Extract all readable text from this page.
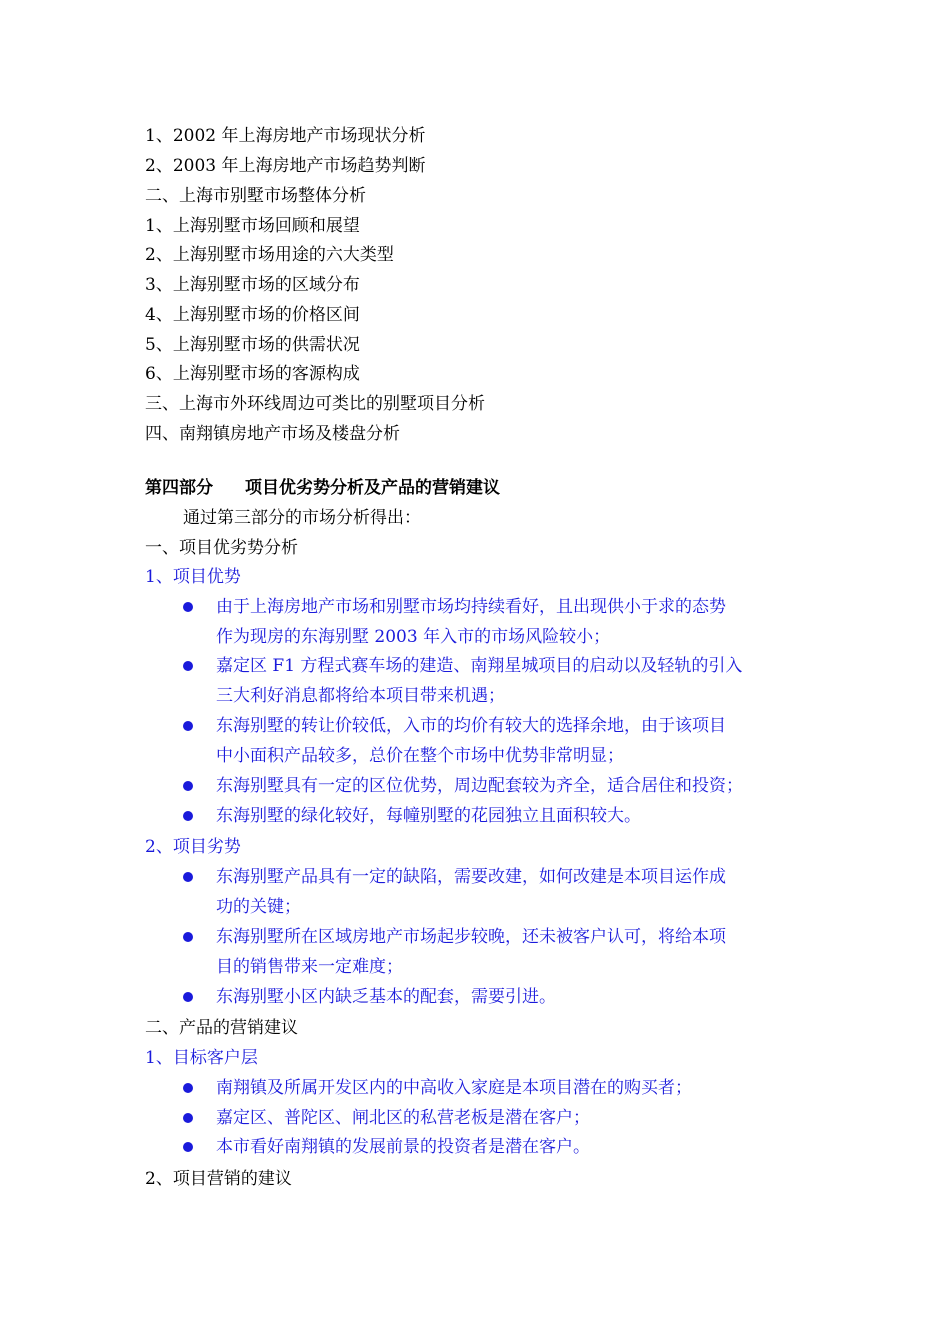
1、2002 年上海房地产市场现状分析
2、2003 年上海房地产市场趋势判断
二、上海市别墅市场整体分析
1、上海别墅市场回顾和展望
2、上海别墅市场用途的六大类型
3、上海别墅市场的区域分布
4、上海别墅市场的价格区间
5、上海别墅市场的供需状况
6、上海别墅市场的客源构成
三、上海市外环线周边可类比的别墅项目分析
四、南翔镇房地产市场及楼盘分析
第四部分 项目优劣势分析及产品的营销建议
通过第三部分的市场分析得出：
一、项目优劣势分析
1、项目优势
由于上海房地产市场和别墅市场均持续看好，且出现供小于求的态势
作为现房的东海别墅 2003 年入市的市场风险较小；
嘉定区 F1 方程式赛车场的建造、南翔星城项目的启动以及轻轨的引入
三大利好消息都将给本项目带来机遇；
东海别墅的转让价较低，入市的均价有较大的选择余地，由于该项目
中小面积产品较多，总价在整个市场中优势非常明显；
东海别墅具有一定的区位优势，周边配套较为齐全，适合居住和投资；
东海别墅的绿化较好，每幢别墅的花园独立且面积较大。
2、项目劣势
东海别墅产品具有一定的缺陷，需要改建，如何改建是本项目运作成
功的关键；
东海别墅所在区域房地产市场起步较晚，还未被客户认可，将给本项
目的销售带来一定难度；
东海别墅小区内缺乏基本的配套，需要引进。
二、产品的营销建议
1、目标客户层
南翔镇及所属开发区内的中高收入家庭是本项目潜在的购买者；
嘉定区、普陀区、闸北区的私营老板是潜在客户；
本市看好南翔镇的发展前景的投资者是潜在客户。
2、项目营销的建议
